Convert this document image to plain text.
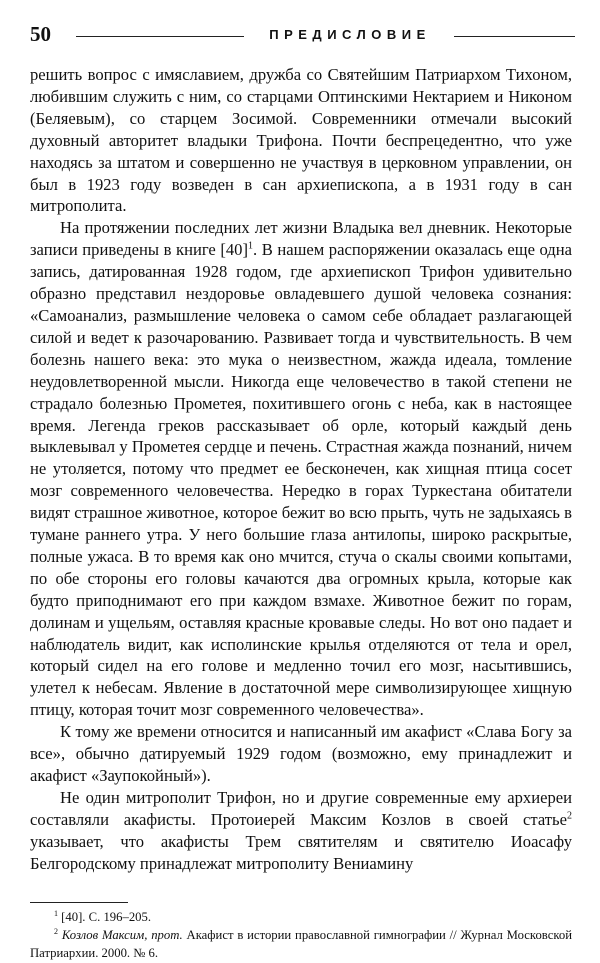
50	ПРЕДИСЛОВИЕ

решить вопрос с имяславием, дружба со Святейшим Патриархом Тихоном, любившим служить с ним, со старцами Оптинскими Нектарием и Никоном (Беляевым), со старцем Зосимой. Современники отмечали высокий духовный авторитет владыки Трифона. Почти беспрецедентно, что уже находясь за штатом и совершенно не участвуя в церковном управлении, он был в 1923 году возведен в сан архиепископа, а в 1931 году в сан митрополита.

На протяжении последних лет жизни Владыка вел дневник. Некоторые записи приведены в книге $[40]^1$. В нашем распоряжении оказалась еще одна запись, датированная 1928 годом, где архиепископ Трифон удивительно образно представил нездоровье овладевшего душой человека сознания: «Самоанализ, размышление человека о самом себе обладает разлагающей силой и ведет к разочарованию. Развивает тогда и чувствительность. В чем болезнь нашего века: это мука о неизвестном, жажда идеала, томление неудовлетворенной мысли. Никогда еще человечество в такой степени не страдало болезнью Прометея, похитившего огонь с неба, как в настоящее время. Легенда греков рассказывает об орле, который каждый день выклевывал у Прометея сердце и печень. Страстная жажда познаний, ничем не утоляется, потому что предмет ее бесконечен, как хищная птица сосет мозг современного человечества. Нередко в горах Туркестана обитатели видят страшное животное, которое бежит во всю прыть, чуть не задыхаясь в тумане раннего утра. У него большие глаза антилопы, широко раскрытые, полные ужаса. В то время как оно мчится, стуча о скалы своими копытами, по обе стороны его головы качаются два огромных крыла, которые как будто приподнимают его при каждом взмахе. Животное бежит по горам, долинам и ущельям, оставляя красные кровавые следы. Но вот оно падает и наблюдатель видит, как исполинские крылья отделяются от тела и орел, который сидел на его голове и медленно точил его мозг, насытившись, улетел к небесам. Явление в достаточной мере символизирующее хищную птицу, которая точит мозг современного человечества».

К тому же времени относится и написанный им акафист «Слава Богу за все», обычно датируемый 1929 годом (возможно, ему принадлежит и акафист «Заупокойный»).

Не один митрополит Трифон, но и другие современные ему архиереи составляли акафисты. Протоиерей Максим Козлов в своей статье$^2$ указывает, что акафисты Трем святителям и святителю Иоасафу Белгородскому принадлежат митрополиту Вениамину

$^1$ [40]. С. 196–205.

$^2$ Козлов Максим, прот. Акафист в истории православной гимнографии // Журнал Московской Патриархии. 2000. № 6.
